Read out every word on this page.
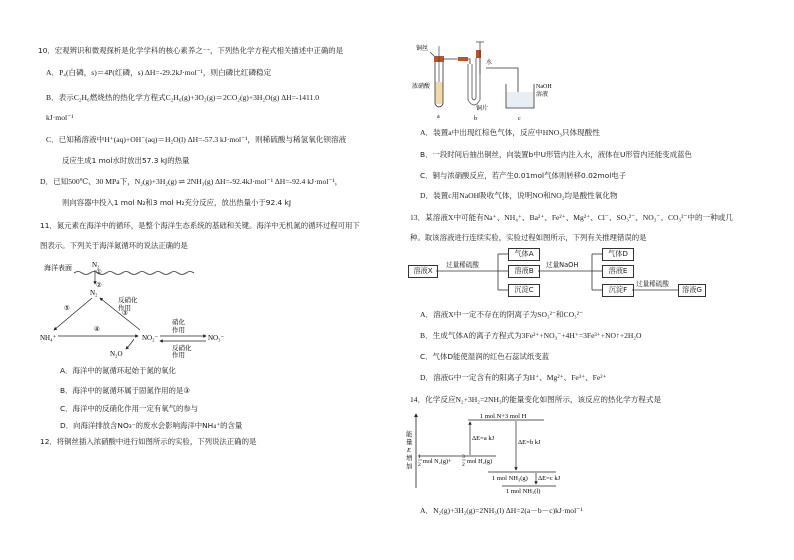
10．宏观辨识和微观探析是化学学科的核心素养之一，下列热化学方程式相关描述中正确的是
A．P₄(白磷，s)＝4P(红磷，s) ΔH=-29.2kJ·mol⁻¹，则白磷比红磷稳定
B．表示C₂H₆燃烧热的热化学方程式C₂H₆(g)+3O₂(g)＝2CO₂(g)+3H₂O(g) ΔH=-1411.0
kJ·mol⁻¹
C．已知稀溶液中H⁺(aq)+OH⁻(aq)＝H₂O(l) ΔH=-57.3 kJ·mol⁻¹，则稀硫酸与稀氢氧化钡溶液
反应生成1 mol水时放出57.3 kJ的热量
D．已知500℃、30 MPa下，N₂(g)+3H₂(g) ⇌ 2NH₃(g) ΔH=-92.4kJ·mol⁻¹ ΔH=-92.4 kJ·mol⁻¹，
则向容器中投入1 mol N₂和3 mol H₂充分反应，放出热量小于92.4 kJ
11．氮元素在海洋中的循环，是整个海洋生态系统的基础和关键。海洋中无机氮的循环过程可用下
图表示。下列关于海洋氮循环的说法正确的是
海洋表面	N₂
①
②
N₂
⑤
④
③
反硝化
作用
NH₄⁺	NO₂⁻
硝化
作用
反硝化
作用
NO₃⁻
N₂O
A．海洋中的氮循环起始于氮的氧化
B．海洋中的氮循环属于固氮作用的是③
C．海洋中的反硝化作用一定有氧气的参与
D．向海洋排放含NO₃⁻的废水会影响海洋中NH₄⁺的含量
12．将铜丝插入浓硝酸中进行如图所示的实验，下列说法正确的是
铜丝
浓硝酸
a
水
铜片
b
NaOH
溶液
c
A．装置a中出现红棕色气体，反应中HNO₃只体现酸性
B．一段时间后抽出铜丝，向装置b中U形管内注入水，液体在U形管内还能变成蓝色
C．铜与浓硝酸反应，若产生0.01mol气体则转移0.02mol电子
D．装置c用NaOH吸收气体，说明NO和NO₂均是酸性氧化物
13．某溶液X中可能有Na⁺、NH₄⁺、Ba²⁺、Fe²⁺、Mg²⁺、Cl⁻、SO₃²⁻、NO₃⁻、CO₃²⁻中的一种或几
种。取该溶液进行连续实验，实验过程如图所示，下列有关推理错误的是
溶液X
过量稀硫酸
气体A
溶液B
沉淀C
过量NaOH
气体D
溶液E
沉淀F
过量稀硫酸
溶液G
A．溶液X中一定不存在的阴离子为SO₃²⁻和CO₃²⁻
B．生成气体A的离子方程式为3Fe²⁺+NO₃⁻+4H⁺=3Fe³⁺+NO↑+2H₂O
C．气体D能使湿润的红色石蕊试纸变蓝
D．溶液G中一定含有的阳离子为H⁺、Mg²⁺、Fe³⁺、Fe²⁺
14．化学反应N₂+3H₂=2NH₃的能量变化如图所示，该反应的热化学方程式是
能
量
E
增
加
1 mol N+3 mol H
1
2 mol N₂(g)+
3
2 mol H₂(g)
ΔE=a kJ
ΔE=b kJ
1 mol NH₃(g) ΔE=c kJ
1 mol NH₃(l)
A．N₂(g)+3H₂(g)=2NH₃(l) ΔH=2(a－b－c)kJ·mol⁻¹
